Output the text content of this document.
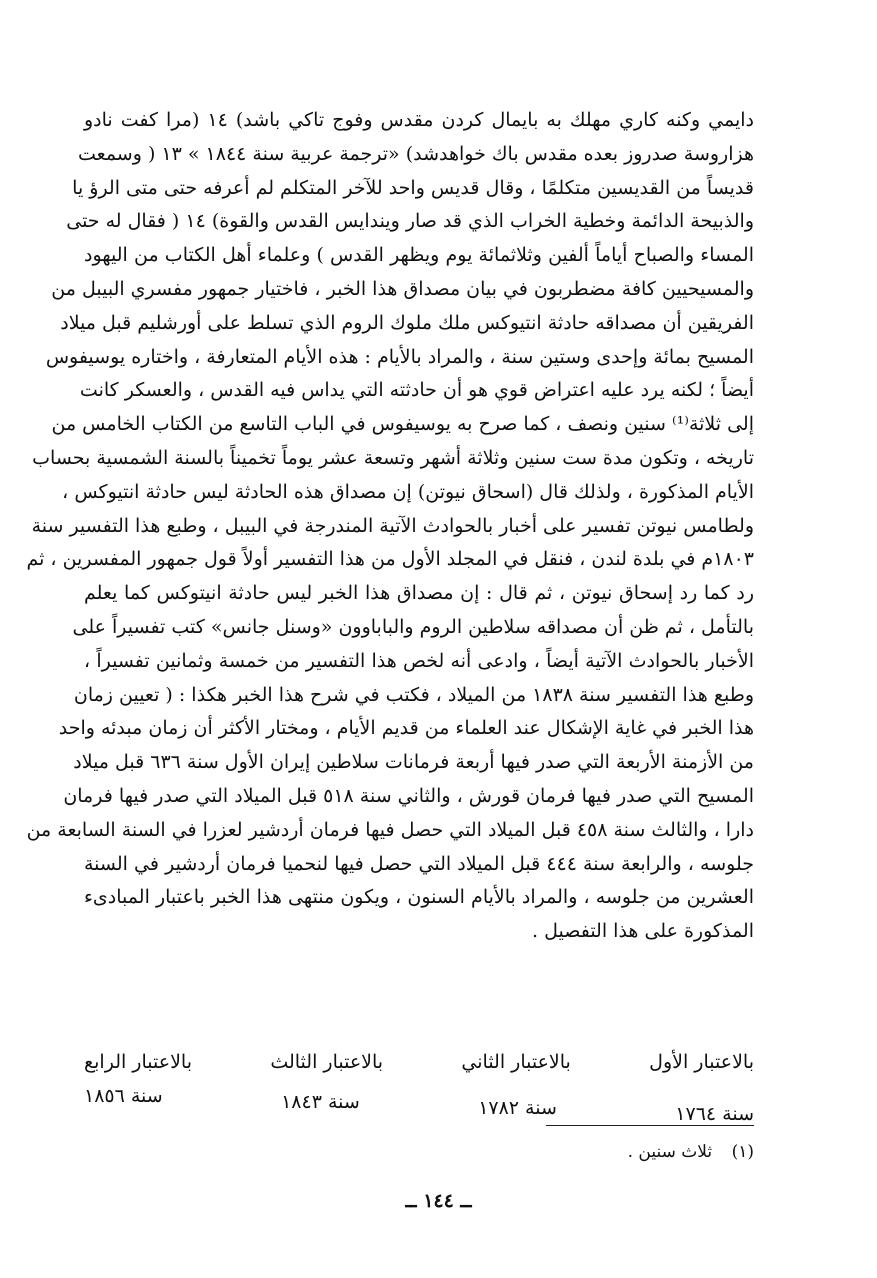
دايمي وكنه كاري مهلك به بايمال كردن مقدس وفوج تاكي باشد) ١٤ (مرا كفت نادو
هزاروسة صدروز بعده مقدس باك خواهدشد) «ترجمة عربية سنة ١٨٤٤ » ١٣ ( وسمعت
قديساً من القديسين متكلمًا ، وقال قديس واحد للآخر المتكلم لم أعرفه حتى متى الرؤ يا
والذبيحة الدائمة وخطية الخراب الذي قد صار ويندايس القدس والقوة) ١٤ ( فقال له حتى
المساء والصباح أياماً ألفين وثلاثمائة يوم ويظهر القدس ) وعلماء أهل الكتاب من اليهود
والمسيحيين كافة مضطربون في بيان مصداق هذا الخبر ، فاختيار جمهور مفسري البيبل من
الفريقين أن مصداقه حادثة انتيوكس ملك ملوك الروم الذي تسلط على أورشليم قبل ميلاد
المسيح بمائة وإحدى وستين سنة ، والمراد بالأيام : هذه الأيام المتعارفة ، واختاره يوسيفوس
أيضاً ؛ لكنه يرد عليه اعتراض قوي هو أن حادثته التي يداس فيه القدس ، والعسكر كانت
إلى ثلاثة⁽¹⁾ سنين ونصف ، كما صرح به يوسيفوس في الباب التاسع من الكتاب الخامس من
تاريخه ، وتكون مدة ست سنين وثلاثة أشهر وتسعة عشر يوماً تخميناً بالسنة الشمسية بحساب
الأيام المذكورة ، ولذلك قال (اسحاق نيوتن) إن مصداق هذه الحادثة ليس حادثة انتيوكس ،
ولطامس نيوتن تفسير على أخبار بالحوادث الآتية المندرجة في البيبل ، وطبع هذا التفسير سنة
١٨٠٣م في بلدة لندن ، فنقل في المجلد الأول من هذا التفسير أولاً قول جمهور المفسرين ، ثم
رد كما رد إسحاق نيوتن ، ثم قال : إن مصداق هذا الخبر ليس حادثة انيتوكس كما يعلم
بالتأمل ، ثم ظن أن مصداقه سلاطين الروم والباباوون «وسنل جانس» كتب تفسيراً على
الأخبار بالحوادث الآتية أيضاً ، وادعى أنه لخص هذا التفسير من خمسة وثمانين تفسيراً ،
وطبع هذا التفسير سنة ١٨٣٨ من الميلاد ، فكتب في شرح هذا الخبر هكذا : ( تعيين زمان
هذا الخبر في غاية الإشكال عند العلماء من قديم الأيام ، ومختار الأكثر أن زمان مبدئه واحد
من الأزمنة الأربعة التي صدر فيها أربعة فرمانات سلاطين إيران الأول سنة ٦٣٦ قبل ميلاد
المسيح التي صدر فيها فرمان قورش ، والثاني سنة ٥١٨ قبل الميلاد التي صدر فيها فرمان
دارا ، والثالث سنة ٤٥٨ قبل الميلاد التي حصل فيها فرمان أردشير لعزرا في السنة السابعة من
جلوسه ، والرابعة سنة ٤٤٤ قبل الميلاد التي حصل فيها لنحميا فرمان أردشير في السنة
العشرين من جلوسه ، والمراد بالأيام السنون ، ويكون منتهى هذا الخبر باعتبار المبادىء
المذكورة على هذا التفصيل .
بالاعتبار الأول
بالاعتبار الثاني
بالاعتبار الثالث
بالاعتبار الرابع
سنة ١٧٦٤
سنة ١٧٨٢
سنة ١٨٤٣
سنة ١٨٥٦
(١) ثلاث سنين .
ــ ١٤٤ ــ
